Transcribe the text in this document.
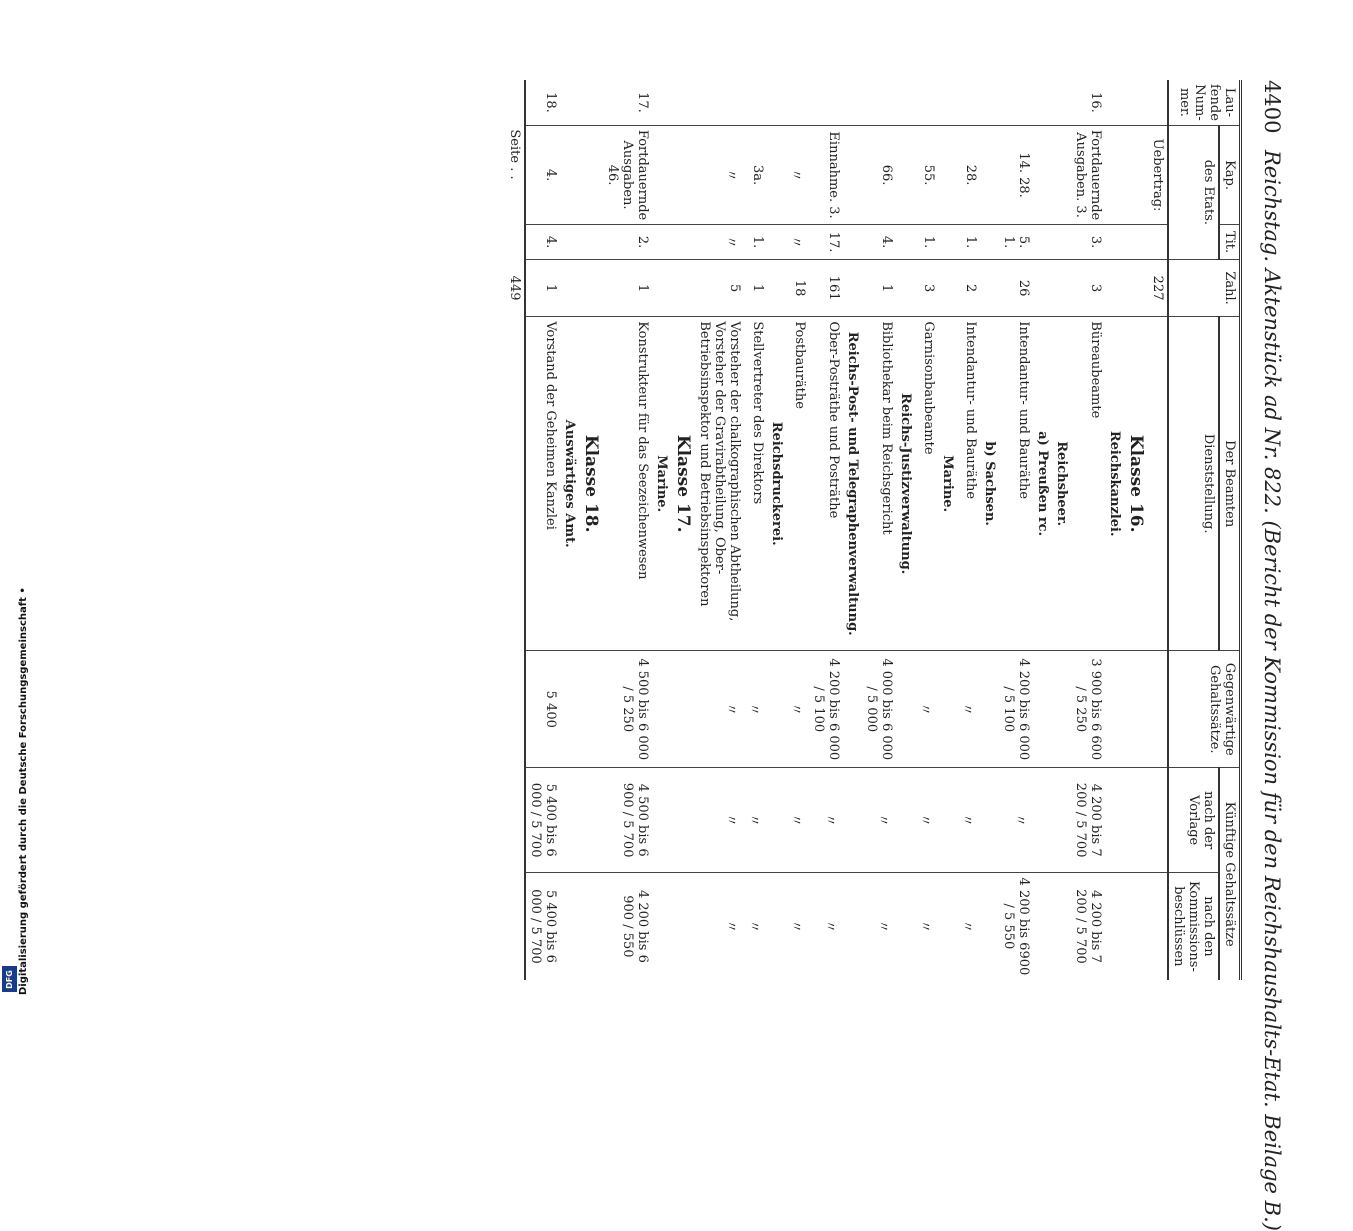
Digitalisierung gefördert durch die Deutsche Forschungsgemeinschaft •
DFG
4400
Reichstag. Aktenstück ad Nr. 822. (Bericht der Kommission für den Reichshaushalts-Etat. Beilage B.)
Lau-fende Num-mer.	Kap.	Tit.	Zahl.	Der Beamten	Gegenwärtige Gehaltssätze.	Künftige Gehaltssätze	
	des Etats.			Dienststellung.		nach der Vorlage	nach den Kommissions-beschlüssen
	Uebertrag:		227				
				Klasse 16.			
				Reichskanzlei.			
16.	Fortdauernde Ausgaben. 3.	3.	3	Büreaubeamte	3 900 bis 6 600 / 5 250	4 200 bis 7 200 / 5 700	4 200 bis 7 200 / 5 700
				Reichsheer.			
				a) Preußen rc.			
	14. 28.	5. 1.	26	Intendantur- und Bauräthe	4 200 bis 6 000 / 5 100	〃	4 200 bis 6900 / 5 550
				b) Sachsen.			
	28.	1.	2	Intendantur- und Bauräthe	〃	〃	〃
				Marine.			
	55.	1.	3	Garnisonbaubeamte	〃	〃	〃
				Reichs-Justizverwaltung.			
	66.	4.	1	Bibliothekar beim Reichsgericht	4 000 bis 6 000 / 5 000	〃	〃
				Reichs-Post- und Telegraphenverwaltung.			
	Einnahme. 3.	17.	161	Ober-Posträthe und Posträthe	4 200 bis 6 000 / 5 100	〃	〃
	〃	〃	18	Postbauräthe	〃	〃	〃
				Reichsdruckerei.			
	3a.	1.	1	Stellvertreter des Direktors	〃	〃	〃
	〃	〃	5	Vorsteher der chalkographischen Abtheilung, Vorsteher der Gravirabtheilung, Ober-Betriebsinspektor und Betriebsinspektoren	〃	〃	〃
				Klasse 17.			
				Marine.			
17.	Fortdauernde Ausgaben. 46.	2.	1	Konstrukteur für das Seezeichenwesen	4 500 bis 6 000 / 5 250	4 500 bis 6 900 / 5 700	4 200 bis 6 900 / 550
				Klasse 18.			
				Auswärtiges Amt.			
18.	4.	4.	1	Vorstand der Geheimen Kanzlei	5 400	5 400 bis 6 000 / 5 700	5 400 bis 6 000 / 5 700
	Seite . .		449				
